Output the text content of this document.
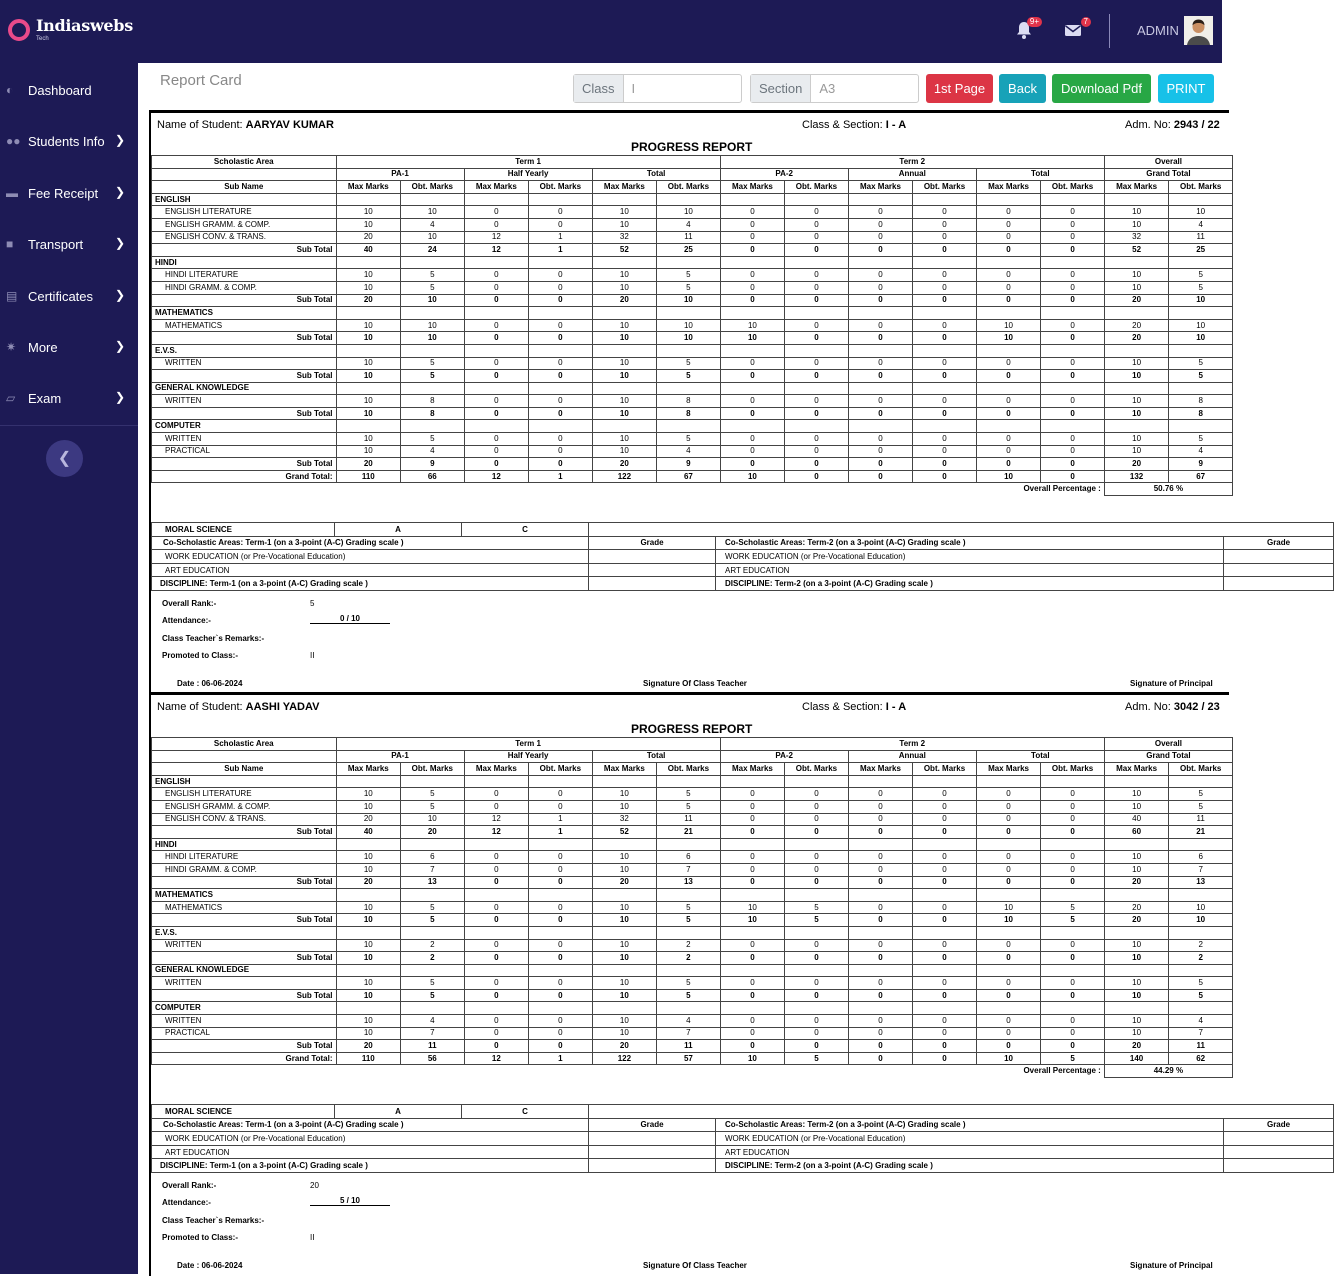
Indiaswebs
Tech
9+	7
ADMIN
◐	Dashboard
●● Students Info ❯
▬ Fee Receipt ❯
■	Transport	❯
▤ Certificates ❯
✷ More	❯
▱ Exam	❯
❮
Report Card	Class	I	Section	A3	1st Page	Back	Download Pdf	PRINT
Name of Student: AARYAV KUMAR	Class & Section: I - A	Adm. No: 2943 / 22
PROGRESS REPORT
Scholastic Area	Term 1						Term 2						Overall	
	PA-1		Half Yearly		Total		PA-2		Annual		Total		Grand Total	
Sub Name	Max Marks	Obt. Marks	Max Marks	Obt. Marks	Max Marks	Obt. Marks	Max Marks	Obt. Marks	Max Marks	Obt. Marks	Max Marks	Obt. Marks	Max Marks	Obt. Marks
ENGLISH														
ENGLISH LITERATURE	10	10	0	0	10	10	0	0	0	0	0	0	10	10
ENGLISH GRAMM. & COMP.	10	4	0	0	10	4	0	0	0	0	0	0	10	4
ENGLISH CONV. & TRANS.	20	10	12	1	32	11	0	0	0	0	0	0	32	11
Sub Total	40	24	12	1	52	25	0	0	0	0	0	0	52	25
HINDI														
HINDI LITERATURE	10	5	0	0	10	5	0	0	0	0	0	0	10	5
HINDI GRAMM. & COMP.	10	5	0	0	10	5	0	0	0	0	0	0	10	5
Sub Total	20	10	0	0	20	10	0	0	0	0	0	0	20	10
MATHEMATICS														
MATHEMATICS	10	10	0	0	10	10	10	0	0	0	10	0	20	10
Sub Total	10	10	0	0	10	10	10	0	0	0	10	0	20	10
E.V.S.														
WRITTEN	10	5	0	0	10	5	0	0	0	0	0	0	10	5
Sub Total	10	5	0	0	10	5	0	0	0	0	0	0	10	5
GENERAL KNOWLEDGE														
WRITTEN	10	8	0	0	10	8	0	0	0	0	0	0	10	8
Sub Total	10	8	0	0	10	8	0	0	0	0	0	0	10	8
COMPUTER														
WRITTEN	10	5	0	0	10	5	0	0	0	0	0	0	10	5
PRACTICAL	10	4	0	0	10	4	0	0	0	0	0	0	10	4
Sub Total	20	9	0	0	20	9	0	0	0	0	0	0	20	9
Grand Total:	110	66	12	1	122	67	10	0	0	0	10	0	132	67
Overall Percentage :													50.76 %	
MORAL SCIENCE	A	C			
Co-Scholastic Areas: Term-1 (on a 3-point (A-C) Grading scale )			Grade	Co-Scholastic Areas: Term-2 (on a 3-point (A-C) Grading scale )	Grade
WORK EDUCATION (or Pre-Vocational Education)				WORK EDUCATION (or Pre-Vocational Education)	
ART EDUCATION				ART EDUCATION	
DISCIPLINE: Term-1 (on a 3-point (A-C) Grading scale )				DISCIPLINE: Term-2 (on a 3-point (A-C) Grading scale )	
Overall Rank:-	5
Attendance:-	0 / 10
Class Teacher`s Remarks:-
Promoted to Class:-	II
Date : 06-06-2024	Signature Of Class Teacher	Signature of Principal
Name of Student: AASHI YADAV	Class & Section: I - A	Adm. No: 3042 / 23
PROGRESS REPORT
Scholastic Area	Term 1						Term 2						Overall	
	PA-1		Half Yearly		Total		PA-2		Annual		Total		Grand Total	
Sub Name	Max Marks	Obt. Marks	Max Marks	Obt. Marks	Max Marks	Obt. Marks	Max Marks	Obt. Marks	Max Marks	Obt. Marks	Max Marks	Obt. Marks	Max Marks	Obt. Marks
ENGLISH														
ENGLISH LITERATURE	10	5	0	0	10	5	0	0	0	0	0	0	10	5
ENGLISH GRAMM. & COMP.	10	5	0	0	10	5	0	0	0	0	0	0	10	5
ENGLISH CONV. & TRANS.	20	10	12	1	32	11	0	0	0	0	0	0	40	11
Sub Total	40	20	12	1	52	21	0	0	0	0	0	0	60	21
HINDI														
HINDI LITERATURE	10	6	0	0	10	6	0	0	0	0	0	0	10	6
HINDI GRAMM. & COMP.	10	7	0	0	10	7	0	0	0	0	0	0	10	7
Sub Total	20	13	0	0	20	13	0	0	0	0	0	0	20	13
MATHEMATICS														
MATHEMATICS	10	5	0	0	10	5	10	5	0	0	10	5	20	10
Sub Total	10	5	0	0	10	5	10	5	0	0	10	5	20	10
E.V.S.														
WRITTEN	10	2	0	0	10	2	0	0	0	0	0	0	10	2
Sub Total	10	2	0	0	10	2	0	0	0	0	0	0	10	2
GENERAL KNOWLEDGE														
WRITTEN	10	5	0	0	10	5	0	0	0	0	0	0	10	5
Sub Total	10	5	0	0	10	5	0	0	0	0	0	0	10	5
COMPUTER														
WRITTEN	10	4	0	0	10	4	0	0	0	0	0	0	10	4
PRACTICAL	10	7	0	0	10	7	0	0	0	0	0	0	10	7
Sub Total	20	11	0	0	20	11	0	0	0	0	0	0	20	11
Grand Total:	110	56	12	1	122	57	10	5	0	0	10	5	140	62
Overall Percentage :													44.29 %	
MORAL SCIENCE	A	C			
Co-Scholastic Areas: Term-1 (on a 3-point (A-C) Grading scale )			Grade	Co-Scholastic Areas: Term-2 (on a 3-point (A-C) Grading scale )	Grade
WORK EDUCATION (or Pre-Vocational Education)				WORK EDUCATION (or Pre-Vocational Education)	
ART EDUCATION				ART EDUCATION	
DISCIPLINE: Term-1 (on a 3-point (A-C) Grading scale )				DISCIPLINE: Term-2 (on a 3-point (A-C) Grading scale )	
Overall Rank:-	20
Attendance:-	5 / 10
Class Teacher`s Remarks:-
Promoted to Class:-	II
Date : 06-06-2024	Signature Of Class Teacher	Signature of Principal
